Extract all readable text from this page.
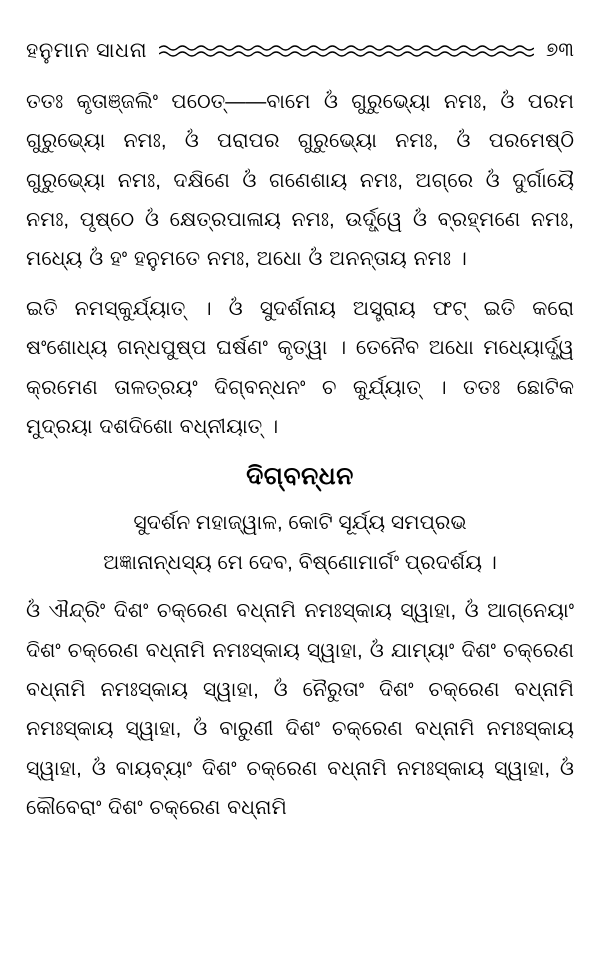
ହନୁମାନ ସାଧନା	୭୩

ତତଃ କୃତାଞ୍ଜଲିଂ ପଠେତ୍‌——ବାମେ ଓଁ ଗୁରୁଭ୍ୟୋ ନମଃ, ଓଁ ପରମ ଗୁରୁଭ୍ୟୋ ନମଃ, ଓଁ ପରାପର ଗୁରୁଭ୍ୟୋ ନମଃ, ଓଁ ପରମେଷ୍ଠି ଗୁରୁଭ୍ୟୋ ନମଃ, ଦକ୍ଷିଣେ ଓଁ ଗଣେଶାୟ ନମଃ, ଅଗ୍ରେ ଓଁ ଦୁର୍ଗାୟୈ ନମଃ, ପୃଷ୍ଠେ ଓଁ କ୍ଷେତ୍ରପାଳାୟ ନମଃ, ଉର୍ଦ୍ଧ୍ୱେ ଓଁ ବ୍ରହ୍ମଣେ ନମଃ, ମଧ୍ୟେ ଓଁ ହଂ ହନୁମତେ ନମଃ, ଅଧୋ ଓଁ ଅନନ୍ତାୟ ନମଃ ।

ଇତି ନମସ୍କୁର୍ଯ୍ୟାତ୍‌ । ଓଁ ସୁଦର୍ଶନାୟ ଅସ୍ତ୍ରାୟ ଫଟ୍‌ ଇତି କରୋ ଷଂଶୋଧ୍ୟ ଗନ୍ଧପୁଷ୍ପ ଘର୍ଷଣଂ କୃତ୍ୱା । ତେନୈବ ଅଧୋ ମଧ୍ୟୋର୍ଦ୍ଧ୍ୱ କ୍ରମେଣ ତାଳତ୍ରୟଂ ଦିଗ୍‌ବନ୍ଧନଂ ଚ କୁର୍ଯ୍ୟାତ୍‌ । ତତଃ ଛୋଟିକ ମୁଦ୍ରୟା ଦଶଦିଶୋ ବଧ୍ନୀୟାତ୍‌ ।

ଦିଗ୍‌ବନ୍ଧନ
ସୁଦର୍ଶନ ମହାଜ୍ୱାଳ, କୋଟି ସୂର୍ଯ୍ୟ ସମପ୍ରଭ
ଅଜ୍ଞାନାନ୍ଧସ୍ୟ ମେ ଦେବ, ବିଷ୍ଣୋମାର୍ଗଂ ପ୍ରଦର୍ଶୟ ।

ଓଁ ଐନ୍ଦ୍ରିଂ ଦିଶଂ ଚକ୍ରେଣ ବଧ୍ନାମି ନମଃସ୍କାୟ ସ୍ୱାହା, ଓଁ ଆଗ୍ନେୟାଂ ଦିଶଂ ଚକ୍ରେଣ ବଧ୍ନାମି ନମଃସ୍କାୟ ସ୍ୱାହା, ଓଁ ଯାମ୍ୟାଂ ଦିଶଂ ଚକ୍ରେଣ ବଧ୍ନାମି ନମଃସ୍କାୟ ସ୍ୱାହା, ଓଁ ନୈରୁତାଂ ଦିଶଂ ଚକ୍ରେଣ ବଧ୍ନାମି ନମଃସ୍କାୟ ସ୍ୱାହା, ଓଁ ବାରୁଣୀ ଦିଶଂ ଚକ୍ରେଣ ବଧ୍ନାମି ନମଃସ୍କାୟ ସ୍ୱାହା, ଓଁ ବାୟବ୍ୟାଂ ଦିଶଂ ଚକ୍ରେଣ ବଧ୍ନାମି ନମଃସ୍କାୟ ସ୍ୱାହା, ଓଁ କୌବେରାଂ ଦିଶଂ ଚକ୍ରେଣ ବଧ୍ନାମି
